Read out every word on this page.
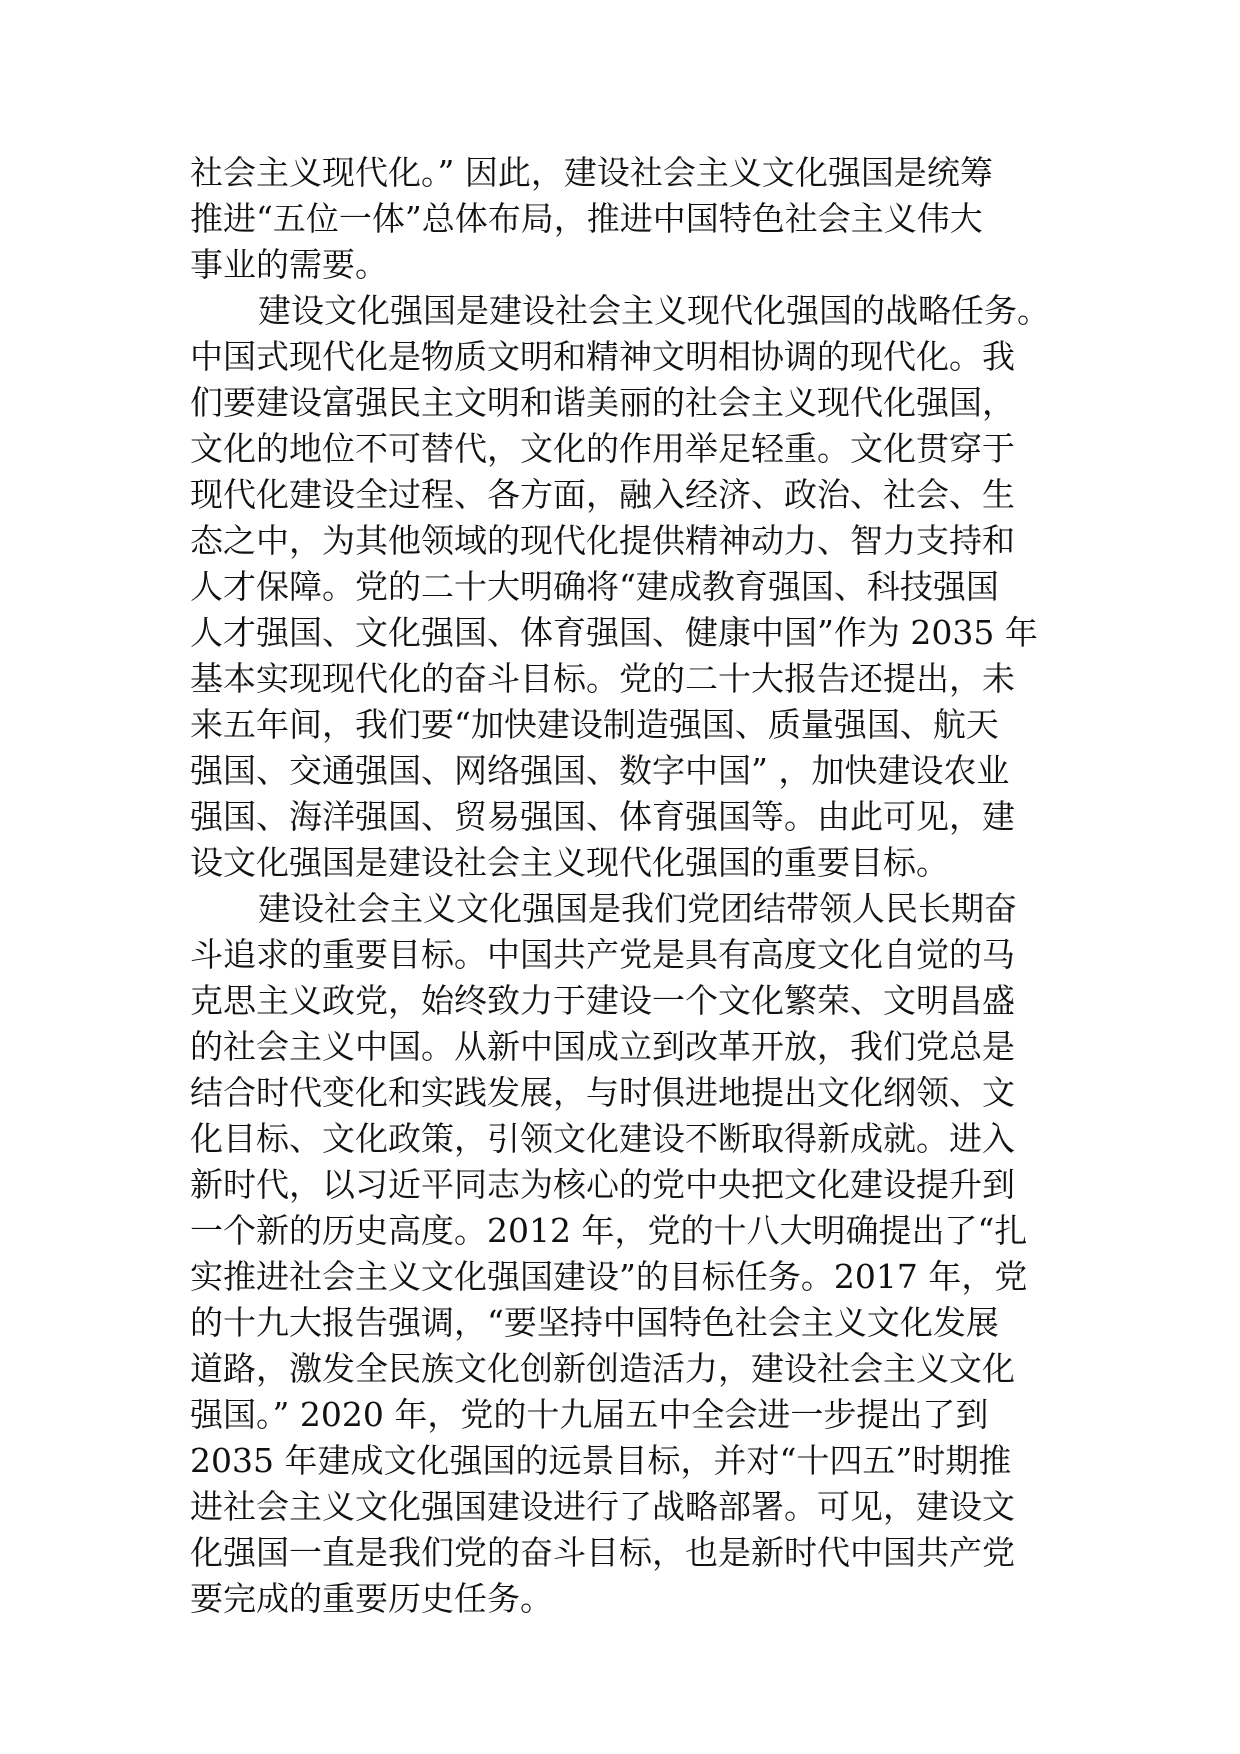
社会主义现代化。” 因此，建设社会主义文化强国是统筹
推进“五位一体”总体布局，推进中国特色社会主义伟大
事业的需要。
建设文化强国是建设社会主义现代化强国的战略任务。
中国式现代化是物质文明和精神文明相协调的现代化。我
们要建设富强民主文明和谐美丽的社会主义现代化强国，
文化的地位不可替代，文化的作用举足轻重。文化贯穿于
现代化建设全过程、各方面，融入经济、政治、社会、生
态之中，为其他领域的现代化提供精神动力、智力支持和
人才保障。党的二十大明确将“建成教育强国、科技强国
人才强国、文化强国、体育强国、健康中国”作为 2035 年
基本实现现代化的奋斗目标。党的二十大报告还提出，未
来五年间，我们要“加快建设制造强国、质量强国、航天
强国、交通强国、网络强国、数字中国” ，加快建设农业
强国、海洋强国、贸易强国、体育强国等。由此可见，建
设文化强国是建设社会主义现代化强国的重要目标。
建设社会主义文化强国是我们党团结带领人民长期奋
斗追求的重要目标。中国共产党是具有高度文化自觉的马
克思主义政党，始终致力于建设一个文化繁荣、文明昌盛
的社会主义中国。从新中国成立到改革开放，我们党总是
结合时代变化和实践发展，与时俱进地提出文化纲领、文
化目标、文化政策，引领文化建设不断取得新成就。进入
新时代，以习近平同志为核心的党中央把文化建设提升到
一个新的历史高度。2012 年，党的十八大明确提出了“扎
实推进社会主义文化强国建设”的目标任务。2017 年，党
的十九大报告强调，“要坚持中国特色社会主义文化发展
道路，激发全民族文化创新创造活力，建设社会主义文化
强国。” 2020 年，党的十九届五中全会进一步提出了到
2035 年建成文化强国的远景目标，并对“十四五”时期推
进社会主义文化强国建设进行了战略部署。可见，建设文
化强国一直是我们党的奋斗目标，也是新时代中国共产党
要完成的重要历史任务。
